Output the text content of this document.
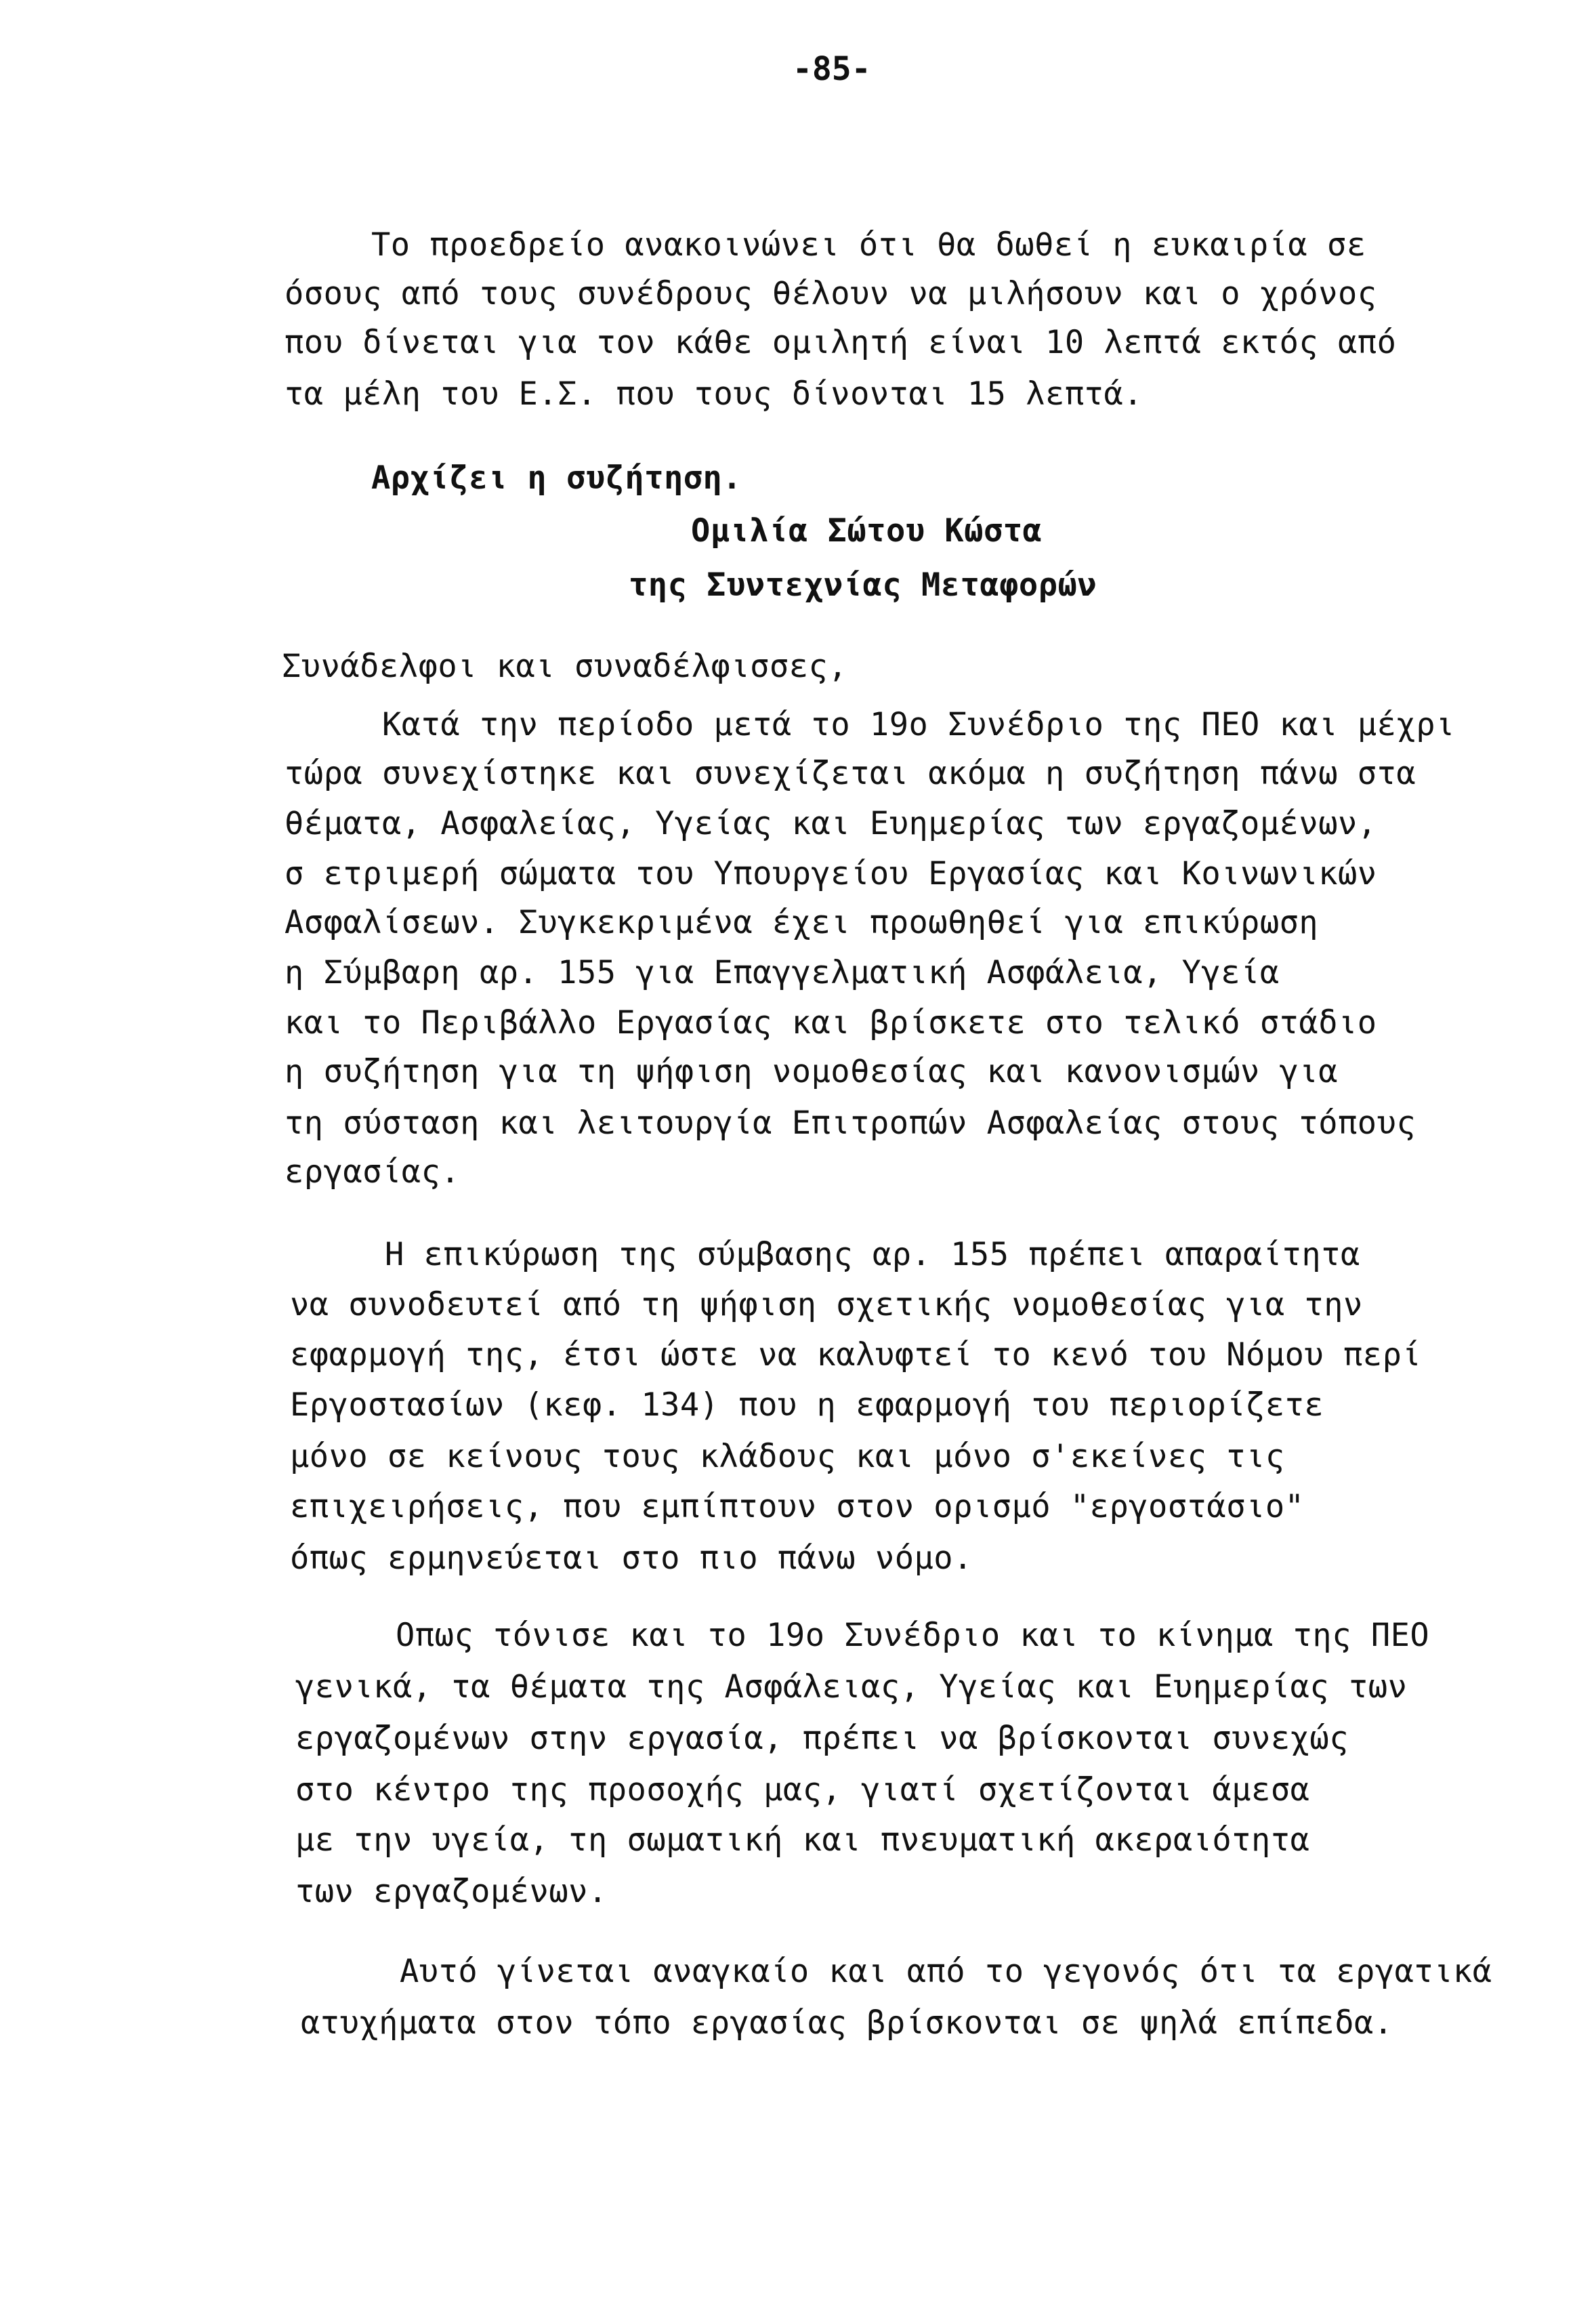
-85-
Το προεδρείο ανακοινώνει ότι θα δωθεί η ευκαιρία σε
όσους από τους συνέδρους θέλουν να μιλήσουν και ο χρόνος
που δίνεται για τον κάθε ομιλητή είναι 10 λεπτά εκτός από
τα μέλη του Ε.Σ. που τους δίνονται 15 λεπτά.
Αρχίζει η συζήτηση.
Ομιλία Σώτου Κώστα
της Συντεχνίας Μεταφορών
Συνάδελφοι και συναδέλφισσες,
Κατά την περίοδο μετά το 19ο Συνέδριο της ΠΕΟ και μέχρι
τώρα συνεχίστηκε και συνεχίζεται ακόμα η συζήτηση πάνω στα
θέματα, Ασφαλείας, Υγείας και Ευημερίας των εργαζομένων,
σ ετριμερή σώματα του Υπουργείου Εργασίας και Κοινωνικών
Ασφαλίσεων. Συγκεκριμένα έχει προωθηθεί για επικύρωση
η Σύμβαρη αρ. 155 για Επαγγελματική Ασφάλεια, Υγεία
και το Περιβάλλο Εργασίας και βρίσκετε στο τελικό στάδιο
η συζήτηση για τη ψήφιση νομοθεσίας και κανονισμών για
τη σύσταση και λειτουργία Επιτροπών Ασφαλείας στους τόπους
εργασίας.
Η επικύρωση της σύμβασης αρ. 155 πρέπει απαραίτητα
να συνοδευτεί από τη ψήφιση σχετικής νομοθεσίας για την
εφαρμογή της, έτσι ώστε να καλυφτεί το κενό του Νόμου περί
Εργοστασίων (κεφ. 134) που η εφαρμογή του περιορίζετε
μόνο σε κείνους τους κλάδους και μόνο σ'εκείνες τις
επιχειρήσεις, που εμπίπτουν στον ορισμό "εργοστάσιο"
όπως ερμηνεύεται στο πιο πάνω νόμο.
Οπως τόνισε και το 19ο Συνέδριο και το κίνημα της ΠΕΟ
γενικά, τα θέματα της Ασφάλειας, Υγείας και Ευημερίας των
εργαζομένων στην εργασία, πρέπει να βρίσκονται συνεχώς
στο κέντρο της προσοχής μας, γιατί σχετίζονται άμεσα
με την υγεία, τη σωματική και πνευματική ακεραιότητα
των εργαζομένων.
Αυτό γίνεται αναγκαίο και από το γεγονός ότι τα εργατικά
ατυχήματα στον τόπο εργασίας βρίσκονται σε ψηλά επίπεδα.
